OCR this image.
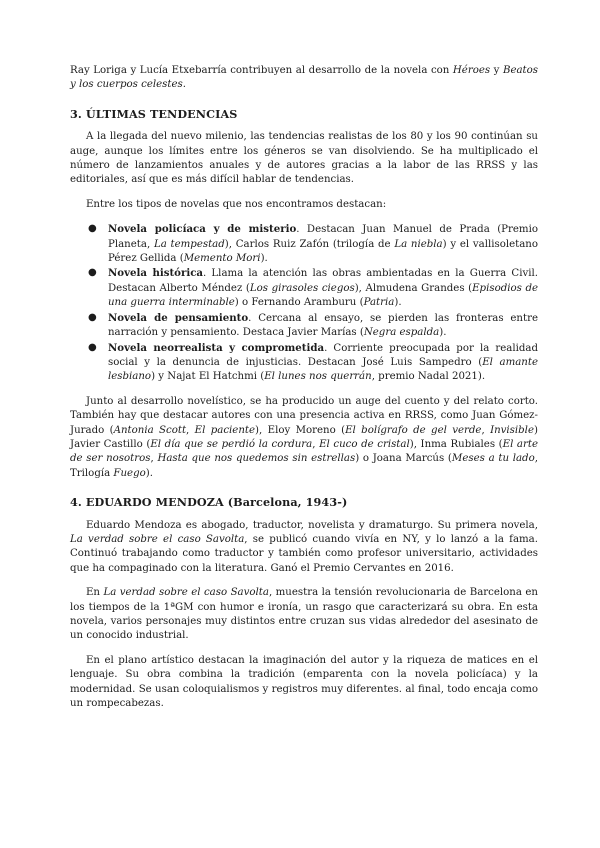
Ray Loriga y Lucía Etxebarría contribuyen al desarrollo de la novela con Héroes y Beatos y los cuerpos celestes.

3. ÚLTIMAS TENDENCIAS

A la llegada del nuevo milenio, las tendencias realistas de los 80 y los 90 continúan su auge, aunque los límites entre los géneros se van disolviendo. Se ha multiplicado el número de lanzamientos anuales y de autores gracias a la labor de las RRSS y las editoriales, así que es más difícil hablar de tendencias.

Entre los tipos de novelas que nos encontramos destacan:

● Novela policíaca y de misterio. Destacan Juan Manuel de Prada (Premio Planeta, La tempestad), Carlos Ruiz Zafón (trilogía de La niebla) y el vallisoletano Pérez Gellida (Memento Mori).
● Novela histórica. Llama la atención las obras ambientadas en la Guerra Civil. Destacan Alberto Méndez (Los girasoles ciegos), Almudena Grandes (Episodios de una guerra interminable) o Fernando Aramburu (Patria).
● Novela de pensamiento. Cercana al ensayo, se pierden las fronteras entre narración y pensamiento. Destaca Javier Marías (Negra espalda).
● Novela neorrealista y comprometida. Corriente preocupada por la realidad social y la denuncia de injusticias. Destacan José Luis Sampedro (El amante lesbiano) y Najat El Hatchmi (El lunes nos querrán, premio Nadal 2021).

Junto al desarrollo novelístico, se ha producido un auge del cuento y del relato corto. También hay que destacar autores con una presencia activa en RRSS, como Juan Gómez-Jurado (Antonia Scott, El paciente), Eloy Moreno (El bolígrafo de gel verde, Invisible) Javier Castillo (El día que se perdió la cordura, El cuco de cristal), Inma Rubiales (El arte de ser nosotros, Hasta que nos quedemos sin estrellas) o Joana Marcús (Meses a tu lado, Trilogía Fuego).

4. EDUARDO MENDOZA (Barcelona, 1943-)

Eduardo Mendoza es abogado, traductor, novelista y dramaturgo. Su primera novela, La verdad sobre el caso Savolta, se publicó cuando vivía en NY, y lo lanzó a la fama. Continuó trabajando como traductor y también como profesor universitario, actividades que ha compaginado con la literatura. Ganó el Premio Cervantes en 2016.

En La verdad sobre el caso Savolta, muestra la tensión revolucionaria de Barcelona en los tiempos de la 1ªGM con humor e ironía, un rasgo que caracterizará su obra. En esta novela, varios personajes muy distintos entre cruzan sus vidas alrededor del asesinato de un conocido industrial.

En el plano artístico destacan la imaginación del autor y la riqueza de matices en el lenguaje. Su obra combina la tradición (emparenta con la novela policíaca) y la modernidad. Se usan coloquialismos y registros muy diferentes. al final, todo encaja como un rompecabezas.
